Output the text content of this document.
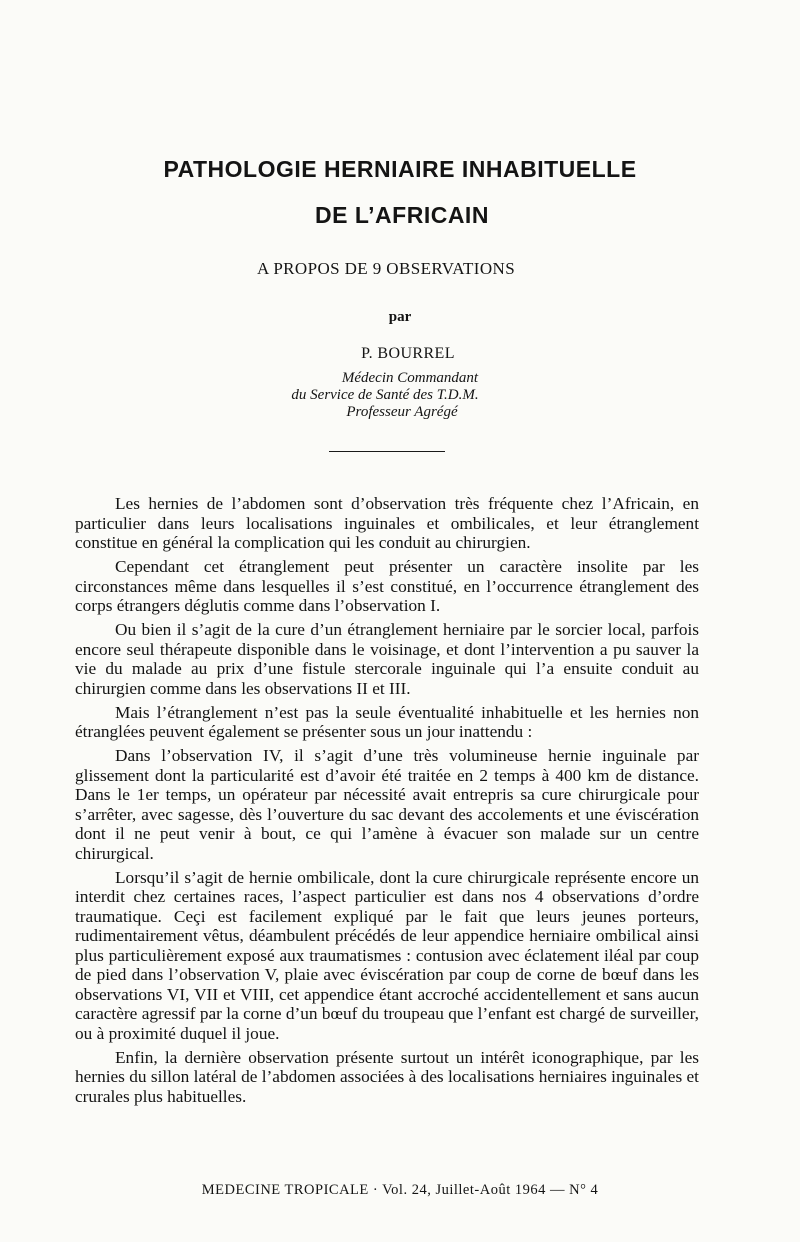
PATHOLOGIE HERNIAIRE INHABITUELLE
DE L’AFRICAIN
A PROPOS DE 9 OBSERVATIONS
par
P. BOURREL
Médecin Commandant
du Service de Santé des T.D.M.
Professeur Agrégé

Les hernies de l’abdomen sont d’observation très fréquente chez l’Africain, en particulier dans leurs localisations inguinales et ombilicales, et leur étranglement constitue en général la complication qui les conduit au chirurgien.

Cependant cet étranglement peut présenter un caractère insolite par les circonstances même dans lesquelles il s’est constitué, en l’occurrence étranglement des corps étrangers déglutis comme dans l’observation I.

Ou bien il s’agit de la cure d’un étranglement herniaire par le sorcier local, parfois encore seul thérapeute disponible dans le voisinage, et dont l’intervention a pu sauver la vie du malade au prix d’une fistule stercorale inguinale qui l’a ensuite conduit au chirurgien comme dans les observations II et III.

Mais l’étranglement n’est pas la seule éventualité inhabituelle et les hernies non étranglées peuvent également se présenter sous un jour inattendu :

Dans l’observation IV, il s’agit d’une très volumineuse hernie inguinale par glissement dont la particularité est d’avoir été traitée en 2 temps à 400 km de distance. Dans le 1er temps, un opérateur par nécessité avait entrepris sa cure chirurgicale pour s’arrêter, avec sagesse, dès l’ouverture du sac devant des accolements et une éviscération dont il ne peut venir à bout, ce qui l’amène à évacuer son malade sur un centre chirurgical.

Lorsqu’il s’agit de hernie ombilicale, dont la cure chirurgicale représente encore un interdit chez certaines races, l’aspect particulier est dans nos 4 observations d’ordre traumatique. Ceçi est facilement expliqué par le fait que leurs jeunes porteurs, rudimentairement vêtus, déambulent précédés de leur appendice herniaire ombilical ainsi plus particulièrement exposé aux traumatismes : contusion avec éclatement iléal par coup de pied dans l’observation V, plaie avec éviscération par coup de corne de bœuf dans les observations VI, VII et VIII, cet appendice étant accroché accidentellement et sans aucun caractère agressif par la corne d’un bœuf du troupeau que l’enfant est chargé de surveiller, ou à proximité duquel il joue.

Enfin, la dernière observation présente surtout un intérêt iconographique, par les hernies du sillon latéral de l’abdomen associées à des localisations herniaires inguinales et crurales plus habituelles.

MEDECINE TROPICALE · Vol. 24, Juillet-Août 1964 — N° 4
